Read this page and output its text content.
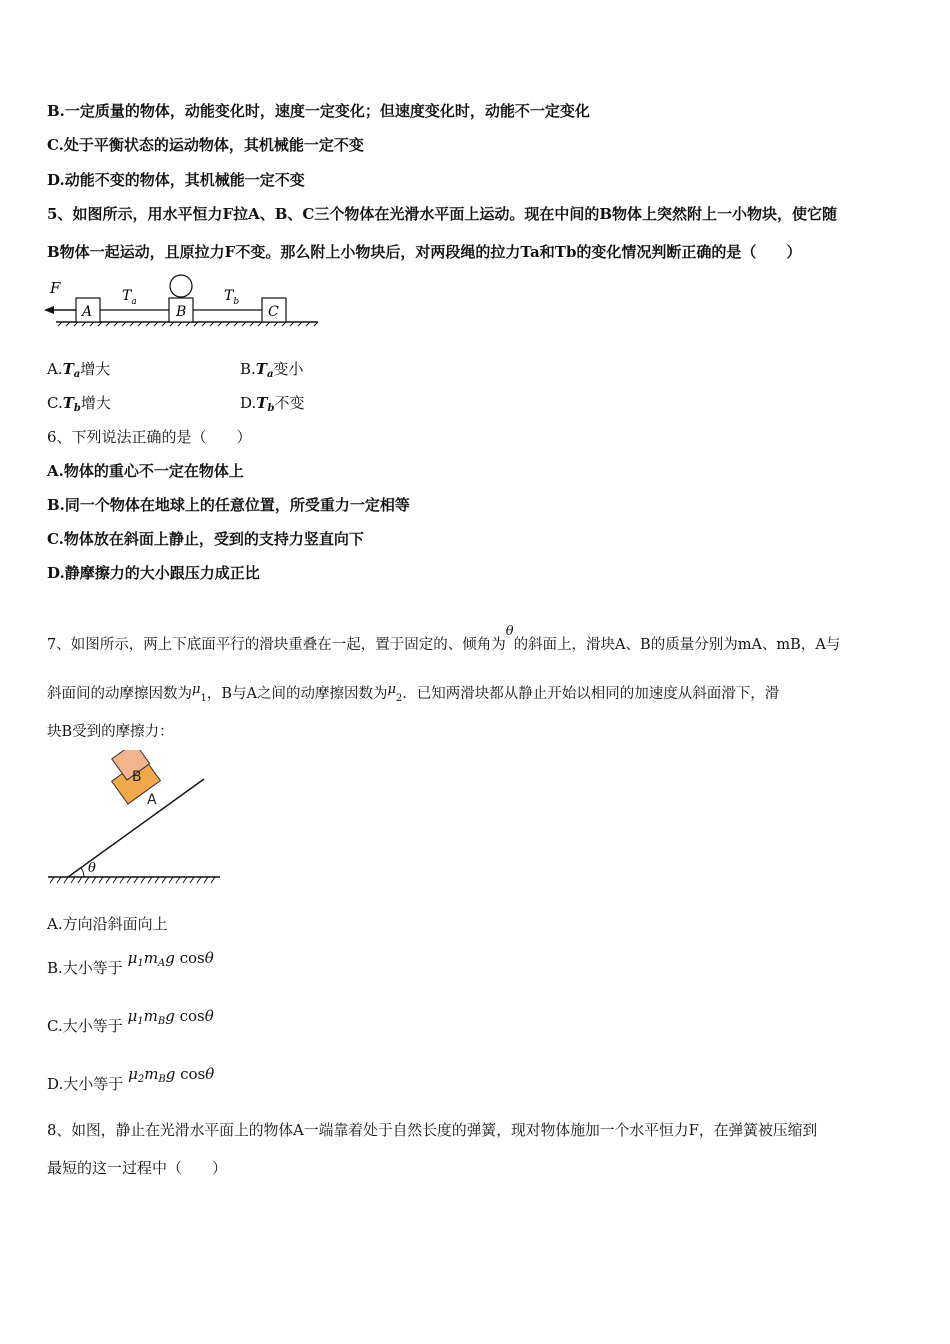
B.一定质量的物体，动能变化时，速度一定变化；但速度变化时，动能不一定变化
C.处于平衡状态的运动物体，其机械能一定不变
D.动能不变的物体，其机械能一定不变
5、如图所示，用水平恒力F拉A、B、C三个物体在光滑水平面上运动。现在中间的B物体上突然附上一小物块，使它随
B物体一起运动，且原拉力F不变。那么附上小物块后，对两段绳的拉力Ta和Tb的变化情况判断正确的是（　　）
F
A
$T_a$
B
$T_b$
C
$A.T_a$增大	$B.T_a$变小
$C.T_b$增大	$D.T_b$不变
6、下列说法正确的是（　　）
A.物体的重心不一定在物体上
B.同一个物体在地球上的任意位置，所受重力一定相等
C.物体放在斜面上静止，受到的支持力竖直向下
D.静摩擦力的大小跟压力成正比
7、如图所示，两上下底面平行的滑块重叠在一起，置于固定的、倾角为θ的斜面上，滑块A、B的质量分别为mA、mB，A与
斜面间的动摩擦因数为$\mu_1$，B与A之间的动摩擦因数为$\mu_2$．已知两滑块都从静止开始以相同的加速度从斜面滑下，滑
块B受到的摩擦力：
θ
A
B
A.方向沿斜面向上
B.大小等于 $\mu_1m_Ag$ cosθ
C.大小等于 $\mu_1m_Bg$ cosθ
D.大小等于 $\mu_2m_Bg$ cosθ
8、如图，静止在光滑水平面上的物体A一端靠着处于自然长度的弹簧，现对物体施加一个水平恒力F，在弹簧被压缩到
最短的这一过程中（　　）
